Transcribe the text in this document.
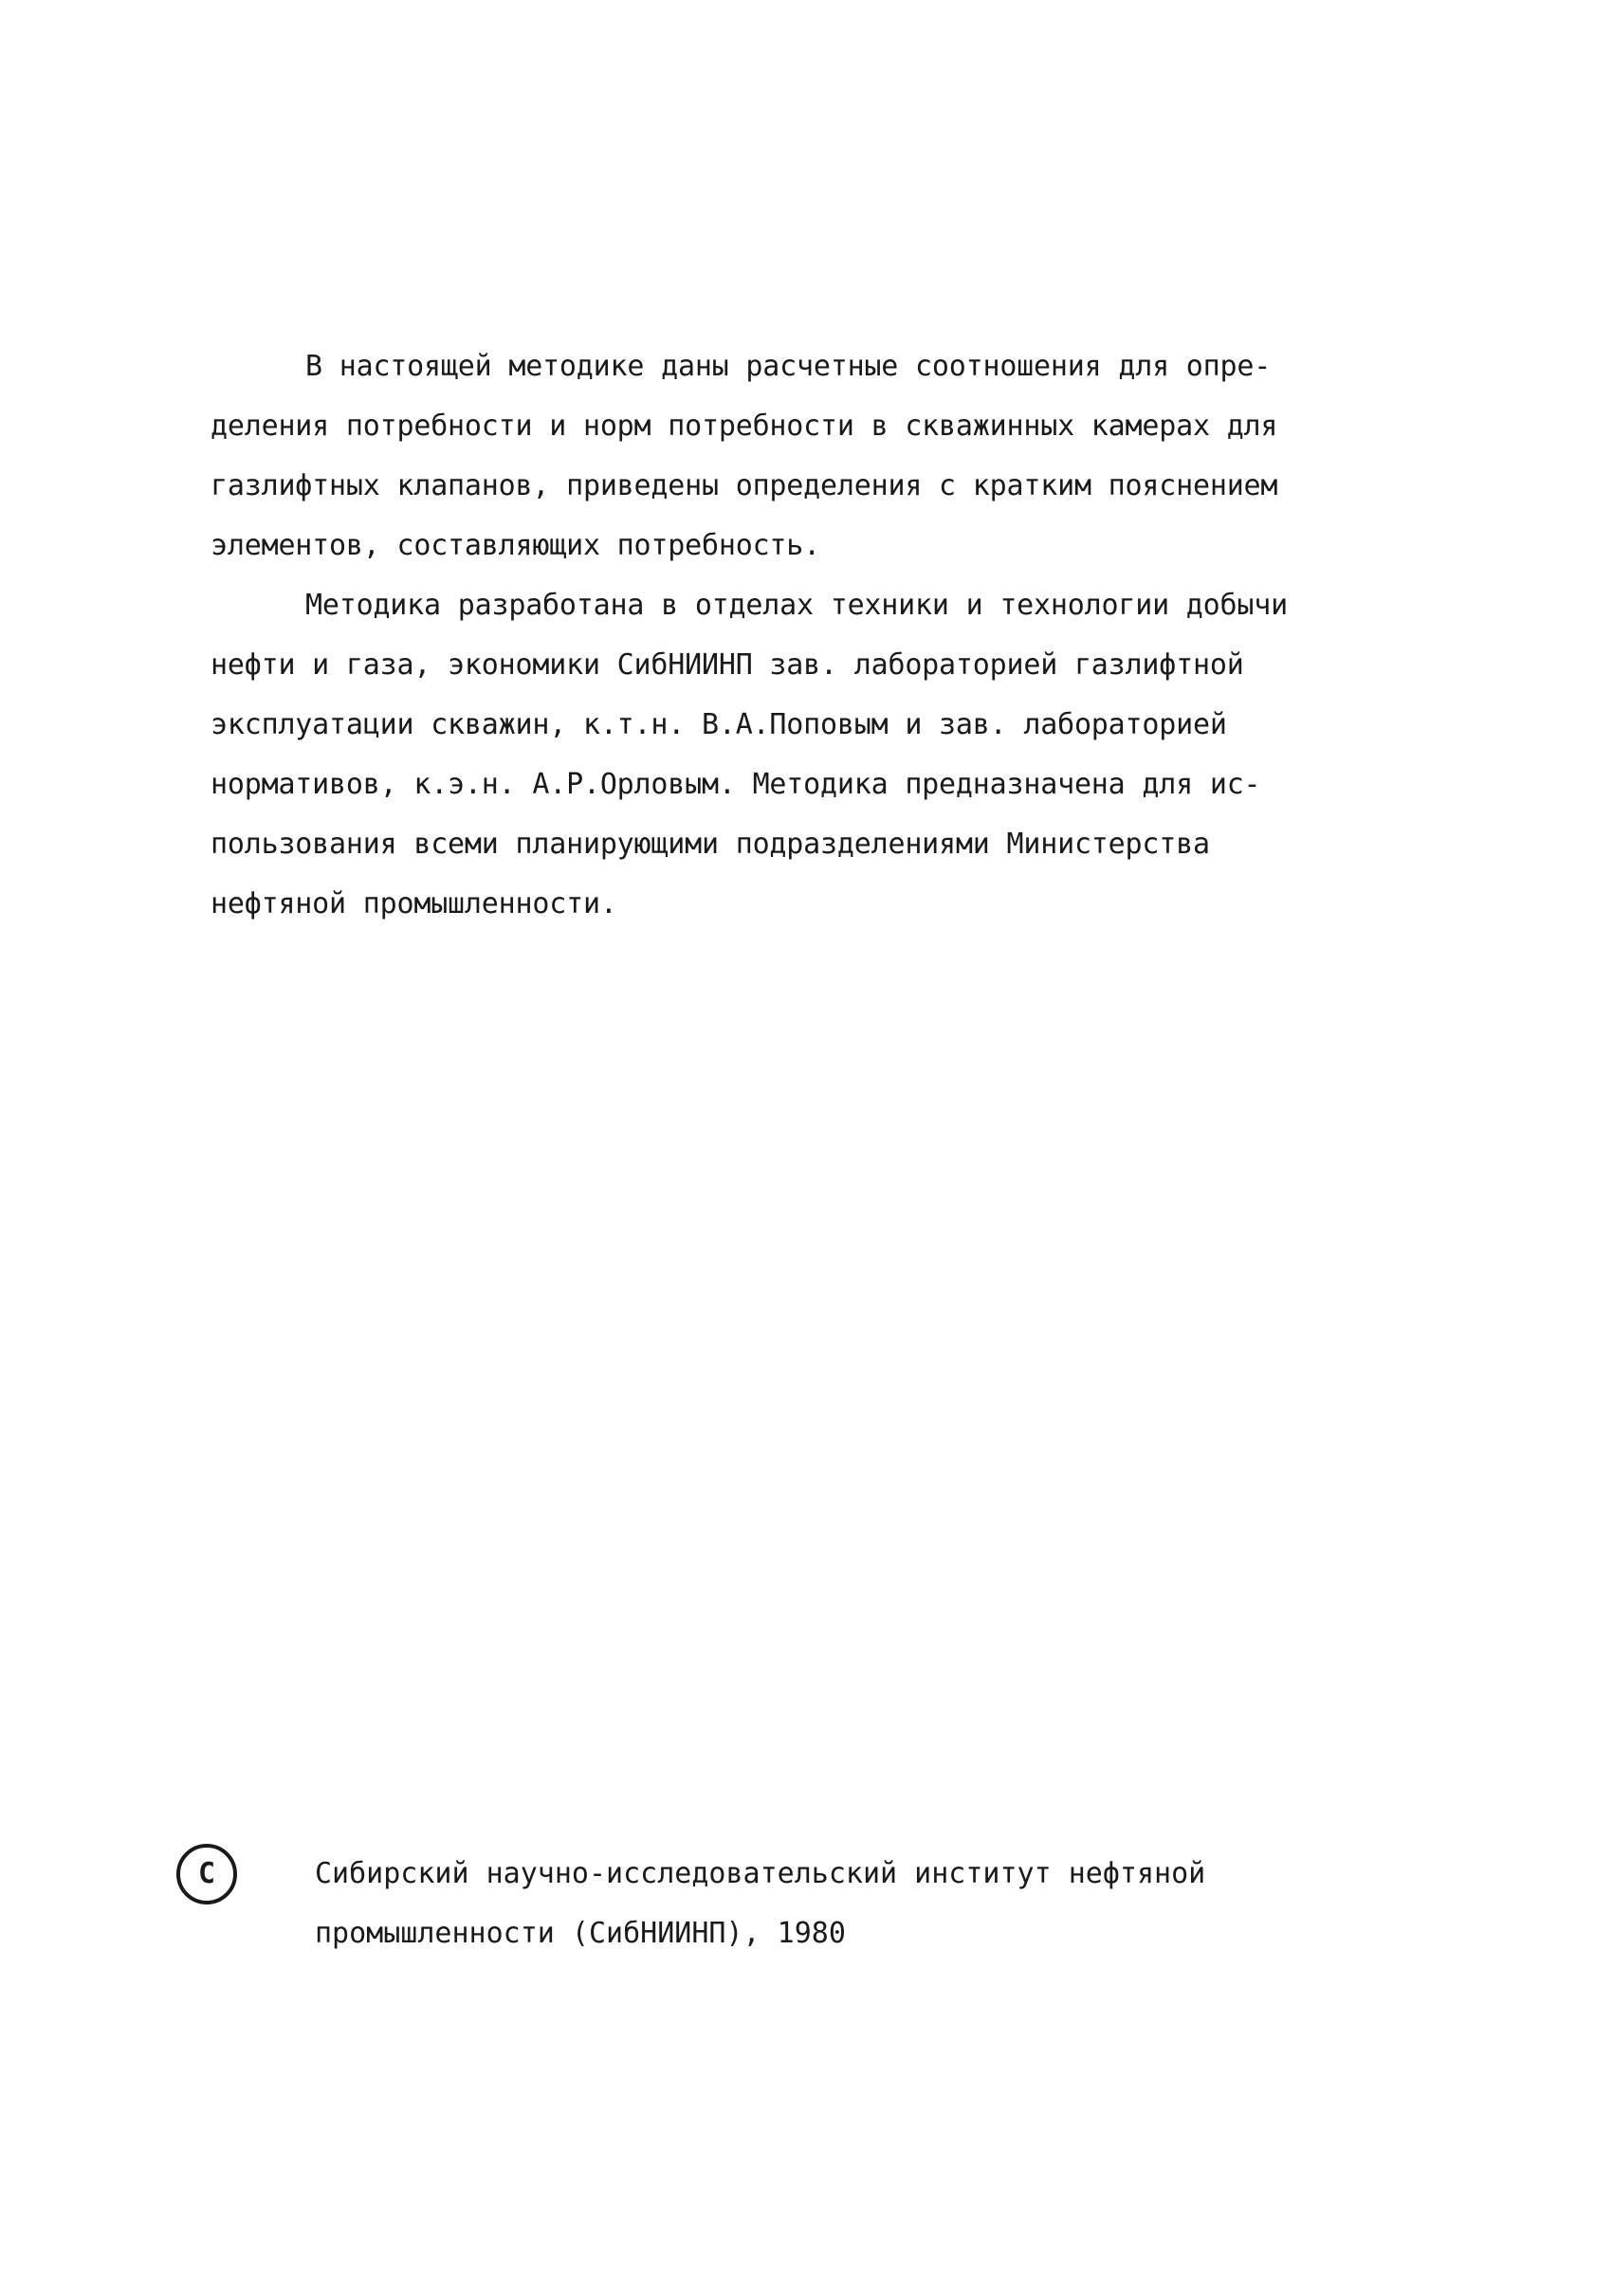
В настоящей методике даны расчетные соотношения для опре-
деления потребности и норм потребности в скважинных камерах для
газлифтных клапанов, приведены определения с кратким пояснением
элементов, составляющих потребность.
Методика разработана в отделах техники и технологии добычи
нефти и газа, экономики СибНИИНП зав. лабораторией газлифтной
эксплуатации скважин, к.т.н. В.А.Поповым и зав. лабораторией
нормативов, к.э.н. А.Р.Орловым. Методика предназначена для ис-
пользования всеми планирующими подразделениями Министерства
нефтяной промышленности.
C	Сибирский научно-исследовательский институт нефтяной
промышленности (СибНИИНП), 1980
